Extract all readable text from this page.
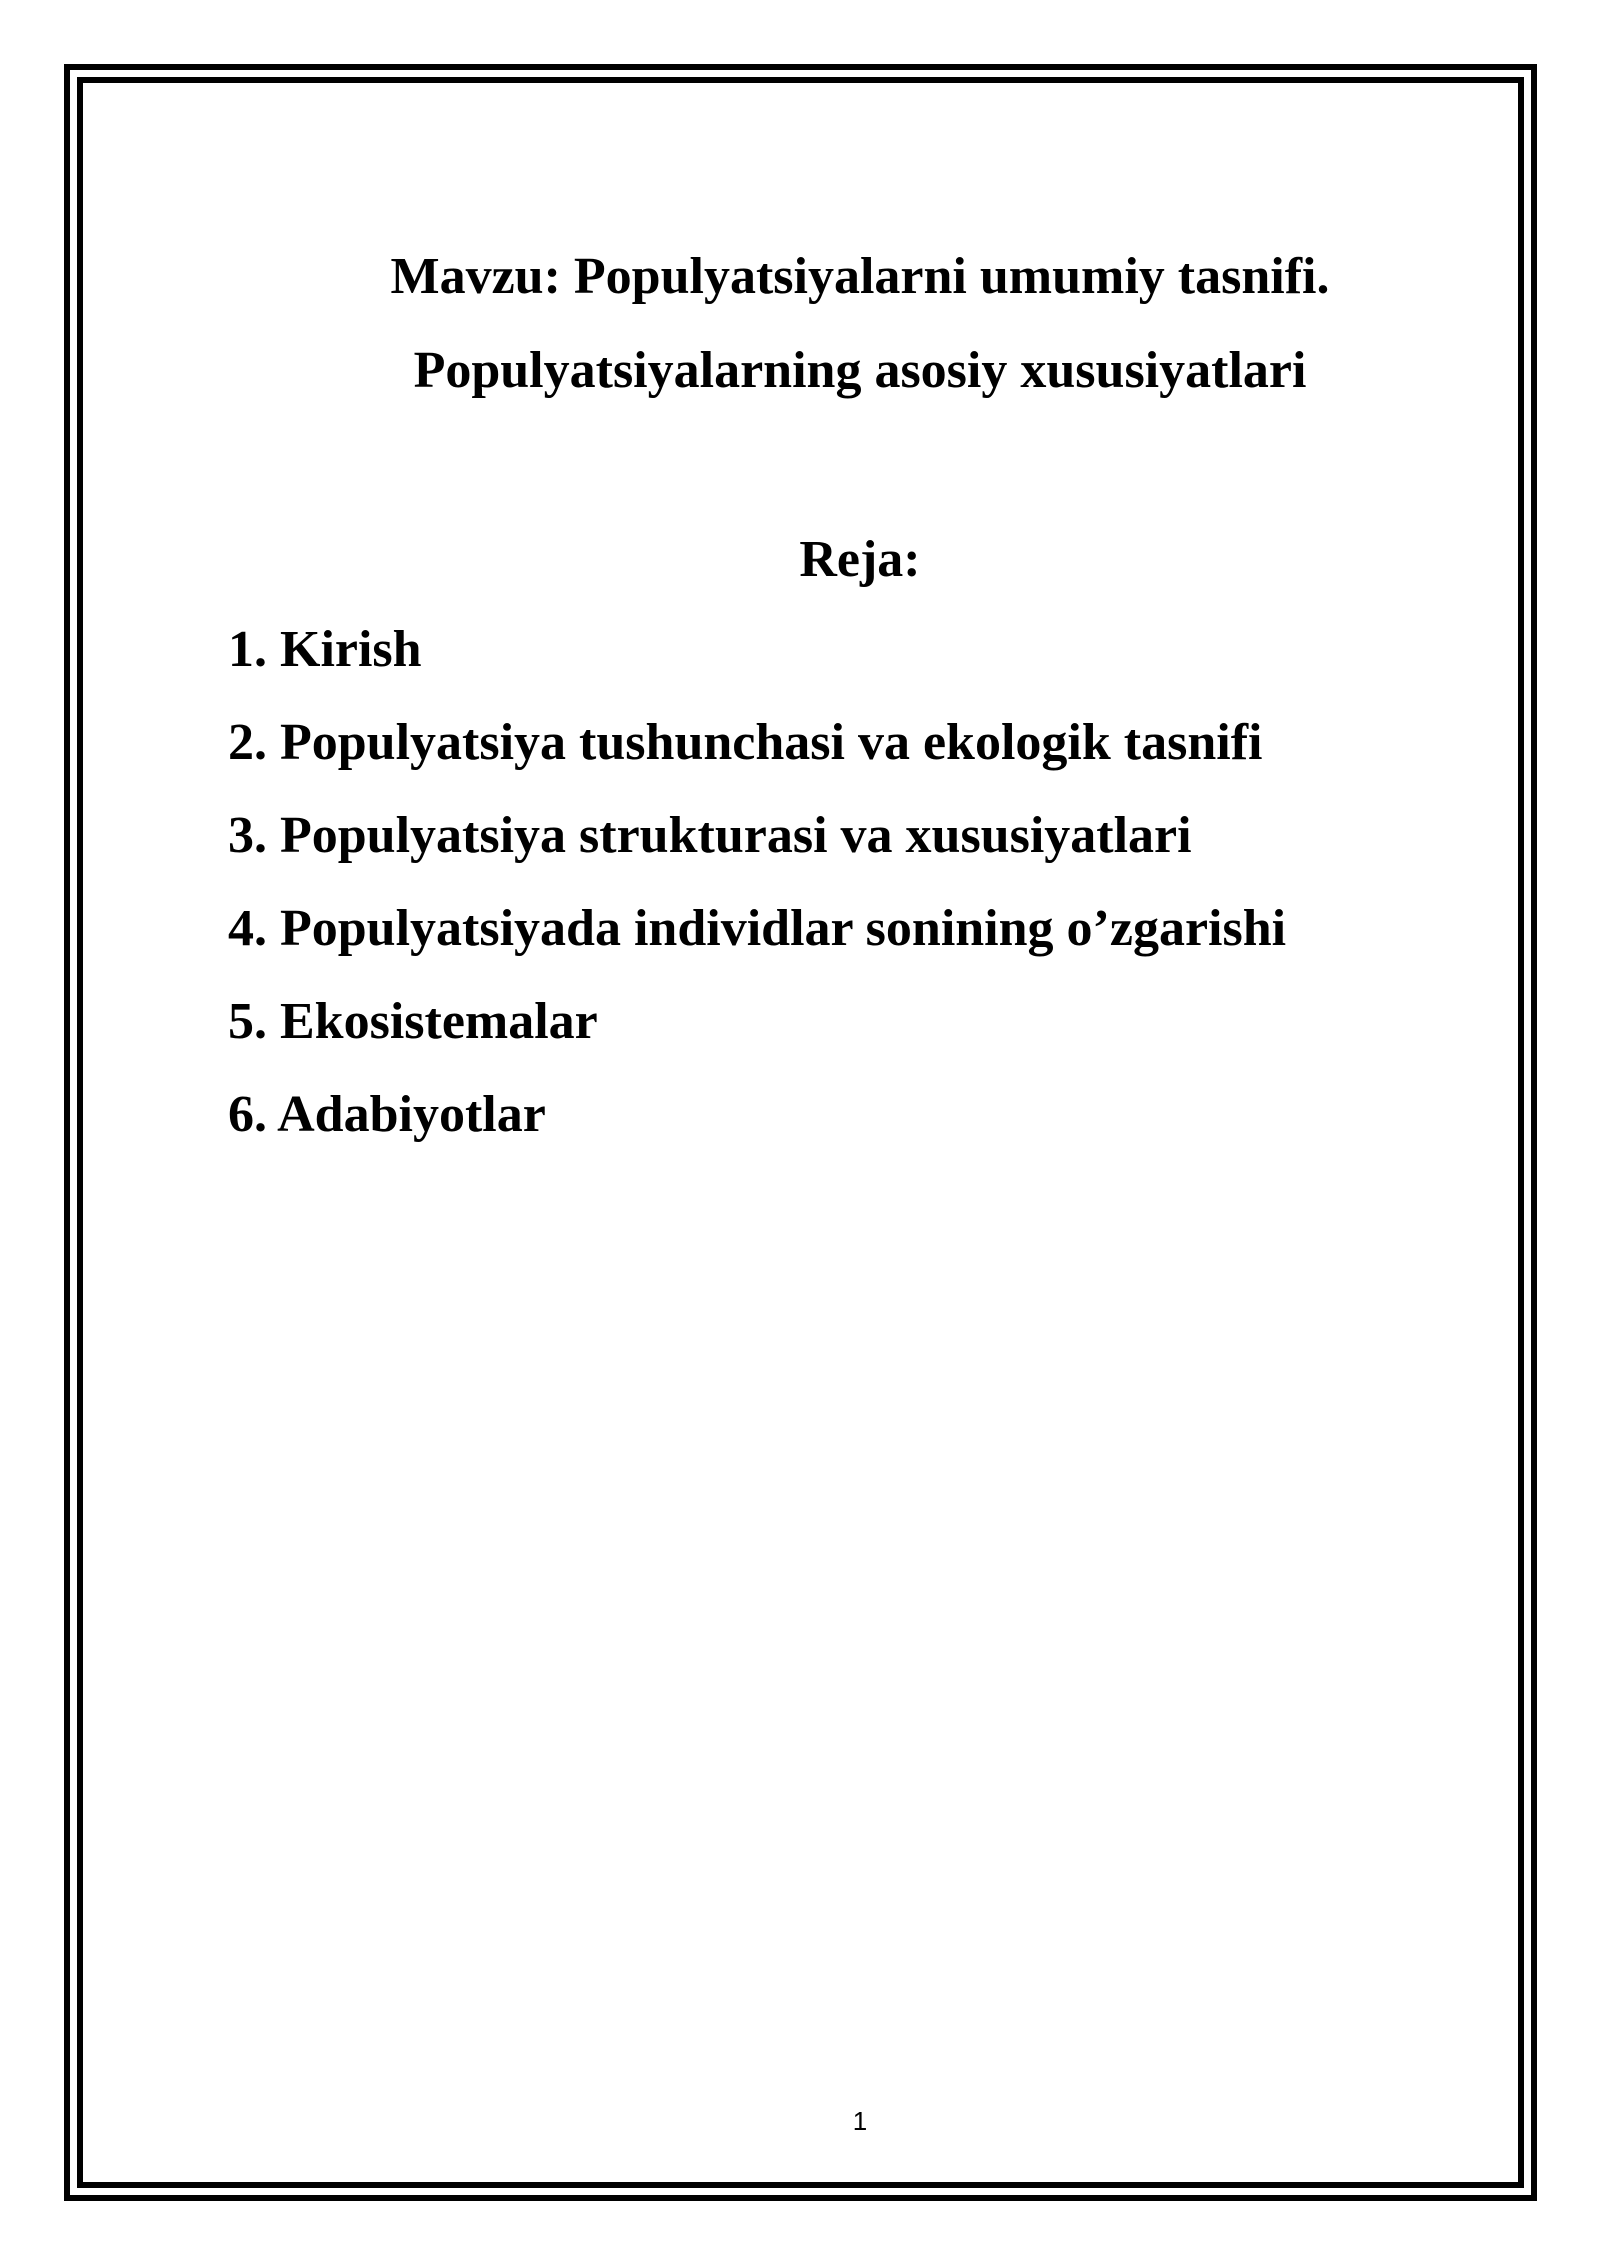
Mavzu: Populyatsiyalarni umumiy tasnifi.
Populyatsiyalarning asosiy xususiyatlari
Reja:
1. Kirish
2. Populyatsiya tushunchasi va ekologik tasnifi
3. Populyatsiya strukturasi va xususiyatlari
4. Populyatsiyada individlar sonining o’zgarishi
5. Ekosistemalar
6. Adabiyotlar
1
